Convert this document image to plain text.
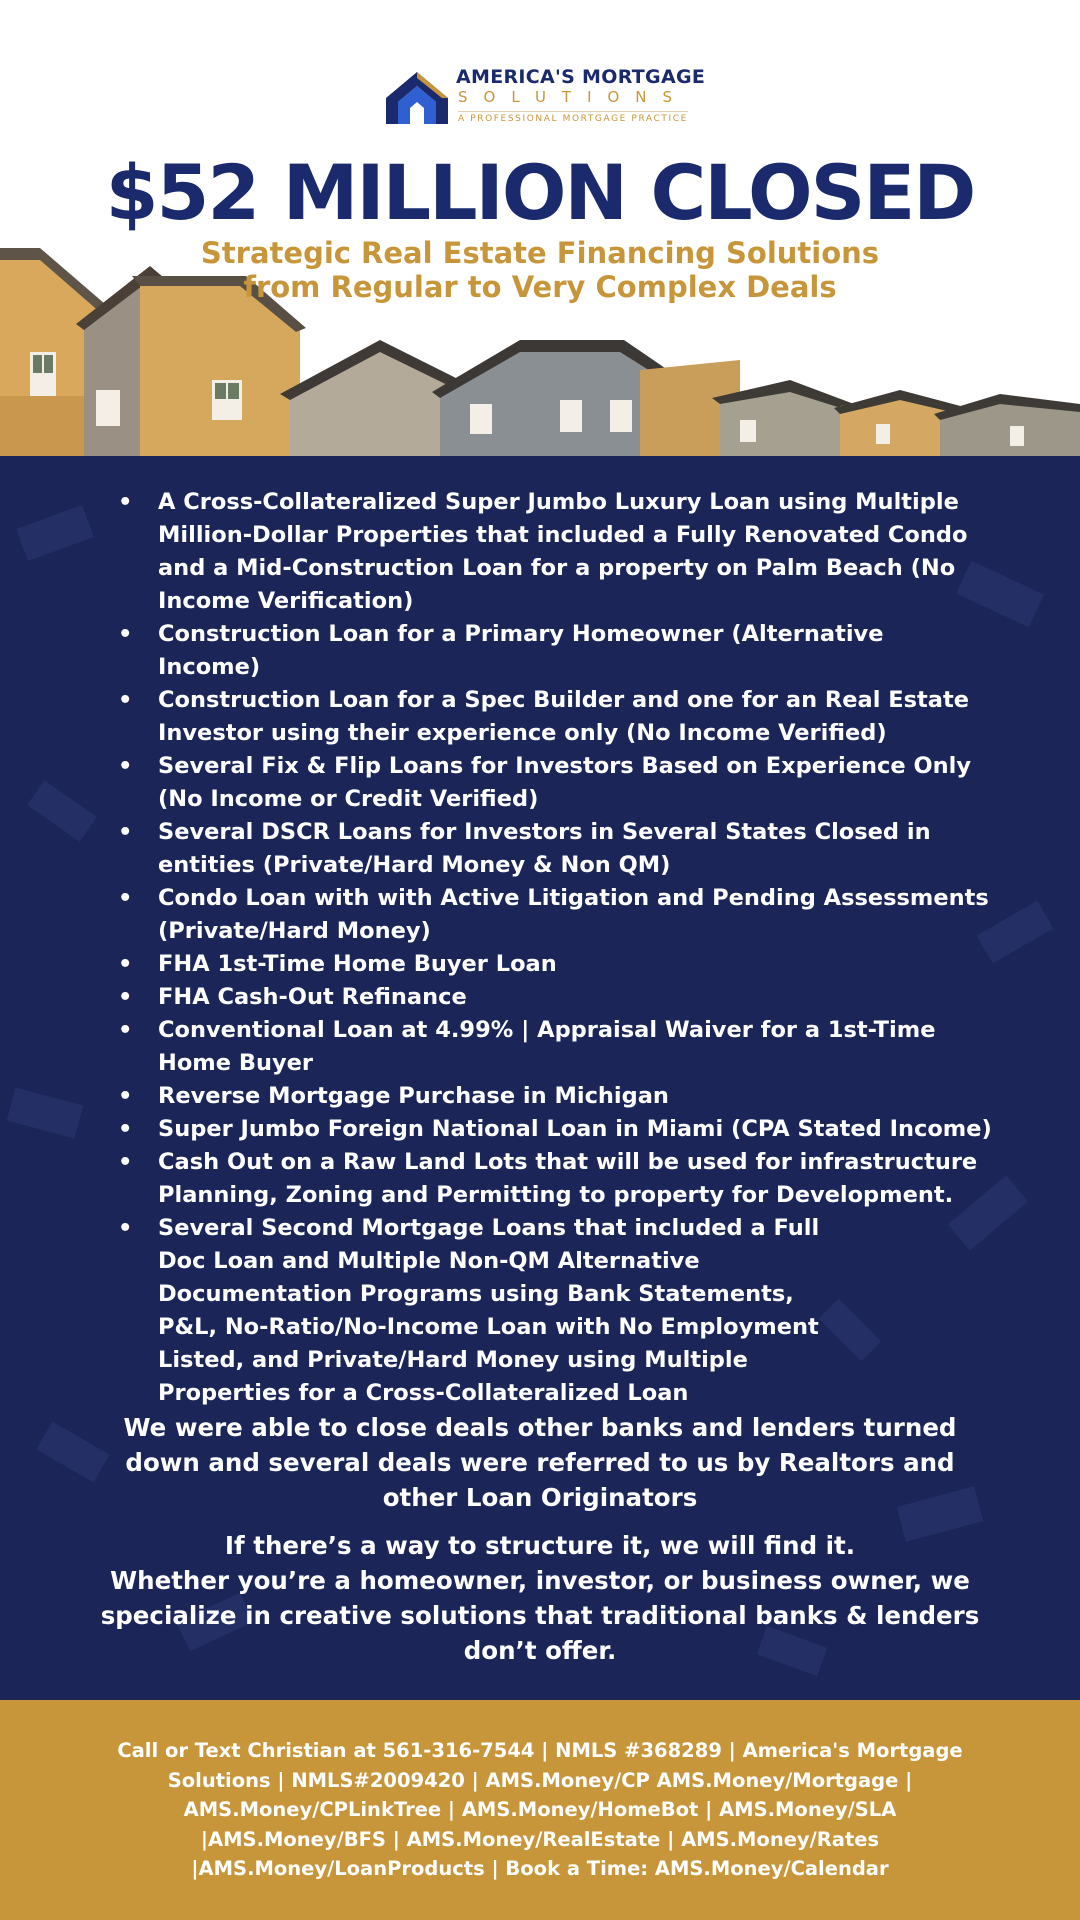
AMERICA'S MORTGAGE
SOLUTIONS
A PROFESSIONAL MORTGAGE PRACTICE
$52 MILLION CLOSED
Strategic Real Estate Financing Solutions
from Regular to Very Complex Deals
• A Cross-Collateralized Super Jumbo Luxury Loan using Multiple Million-Dollar Properties that included a Fully Renovated Condo and a Mid-Construction Loan for a property on Palm Beach (No Income Verification)
• Construction Loan for a Primary Homeowner (Alternative Income)
• Construction Loan for a Spec Builder and one for an Real Estate Investor using their experience only (No Income Verified)
• Several Fix & Flip Loans for Investors Based on Experience Only (No Income or Credit Verified)
• Several DSCR Loans for Investors in Several States Closed in entities (Private/Hard Money & Non QM)
• Condo Loan with with Active Litigation and Pending Assessments (Private/Hard Money)
• FHA 1st-Time Home Buyer Loan
• FHA Cash-Out Refinance
• Conventional Loan at 4.99% | Appraisal Waiver for a 1st-Time Home Buyer
• Reverse Mortgage Purchase in Michigan
• Super Jumbo Foreign National Loan in Miami (CPA Stated Income)
• Cash Out on a Raw Land Lots that will be used for infrastructure Planning, Zoning and Permitting to property for Development.
• Several Second Mortgage Loans that included a Full Doc Loan and Multiple Non-QM Alternative Documentation Programs using Bank Statements, P&L, No-Ratio/No-Income Loan with No Employment Listed, and Private/Hard Money using Multiple Properties for a Cross-Collateralized Loan
We were able to close deals other banks and lenders turned down and several deals were referred to us by Realtors and other Loan Originators
If there’s a way to structure it, we will find it.
Whether you’re a homeowner, investor, or business owner, we specialize in creative solutions that traditional banks & lenders don’t offer.
Call or Text Christian at 561-316-7544 | NMLS #368289 | America's Mortgage Solutions | NMLS#2009420 | AMS.Money/CP AMS.Money/Mortgage | AMS.Money/CPLinkTree | AMS.Money/HomeBot | AMS.Money/SLA |AMS.Money/BFS | AMS.Money/RealEstate | AMS.Money/Rates |AMS.Money/LoanProducts | Book a Time: AMS.Money/Calendar
